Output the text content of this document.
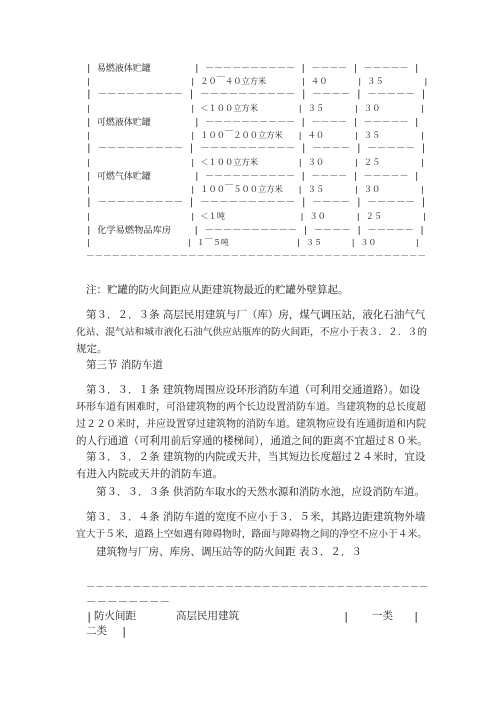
| 易燃液体贮罐        | －－－－－－－－－－ | －－－－ | －－－－－ |
|                    | ２０￣４０立方米       | ４０      | ３５        |
| －－－－－－－－－ | －－－－－－－－－－ | －－－－ | －－－－－ |
|                    | ＜１００立方米        | ３５      | ３０        |
| 可燃液体贮罐        | －－－－－－－－－－ | －－－－ | －－－－－ |
|                    | １００￣２００立方米   | ４０      | ３５        |
| －－－－－－－－－ | －－－－－－－－－－ | －－－－ | －－－－－ |
|                    | ＜１００立方米        | ３０      | ２５        |
| 可燃气体贮罐        | －－－－－－－－－－ | －－－－ | －－－－－ |
|                    | １００￣５００立方米   | ３５      | ３０        |
| －－－－－－－－－ | －－－－－－－－－－ | －－－－ | －－－－－ |
|                    | ＜１吨               | ３０      | ２５        |
| 化学易燃物品库房    | －－－－－－－－－－ | －－－－ | －－－－－ |
|                    | １￣５吨              | ３５      | ３０        |
－－－－－－－－－－－－－－－－－－－－－－－－－－－－－－－－－－－－－－－－
注：贮罐的防火间距应从距建筑物最近的贮罐外壁算起。
第３．２．３条 高层民用建筑与厂（库）房，煤气调压站，液化石油气气
化站、混气站和城市液化石油气供应站瓶库的防火间距，不应小于表３．２．３的
规定。
第三节 消防车道
第３．３．１条 建筑物周围应设环形消防车道（可利用交通道路）。如设
环形车道有困难时，可沿建筑物的两个长边设置消防车道。当建筑物的总长度超
过２２０米时，并应设置穿过建筑物的消防车道。建筑物应设有连通街道和内院
的人行通道（可利用前后穿通的楼梯间），通道之间的距离不宜超过８０米。
第３．３．２条 建筑物的内院或天井，当其短边长度超过２４米时，宜设
有进入内院或天井的消防车道。
第３．３．３条 供消防车取水的天然水源和消防水池，应设消防车道。
第３．３．４条 消防车道的宽度不应小于３．５米，其路边距建筑物外墙
宜大于５米，道路上空如遇有障碍物时，路面与障碍物之间的净空不应小于４米。
建筑物与厂房、库房、调压站等的防火间距 表３．２．３
－－－－－－－－－－－－－－－－－－－－－－－－－－－－－－－－－－－－－
－－－－－－－－
| 防火间距	高层民用建筑	| 一类 |
二类 |
